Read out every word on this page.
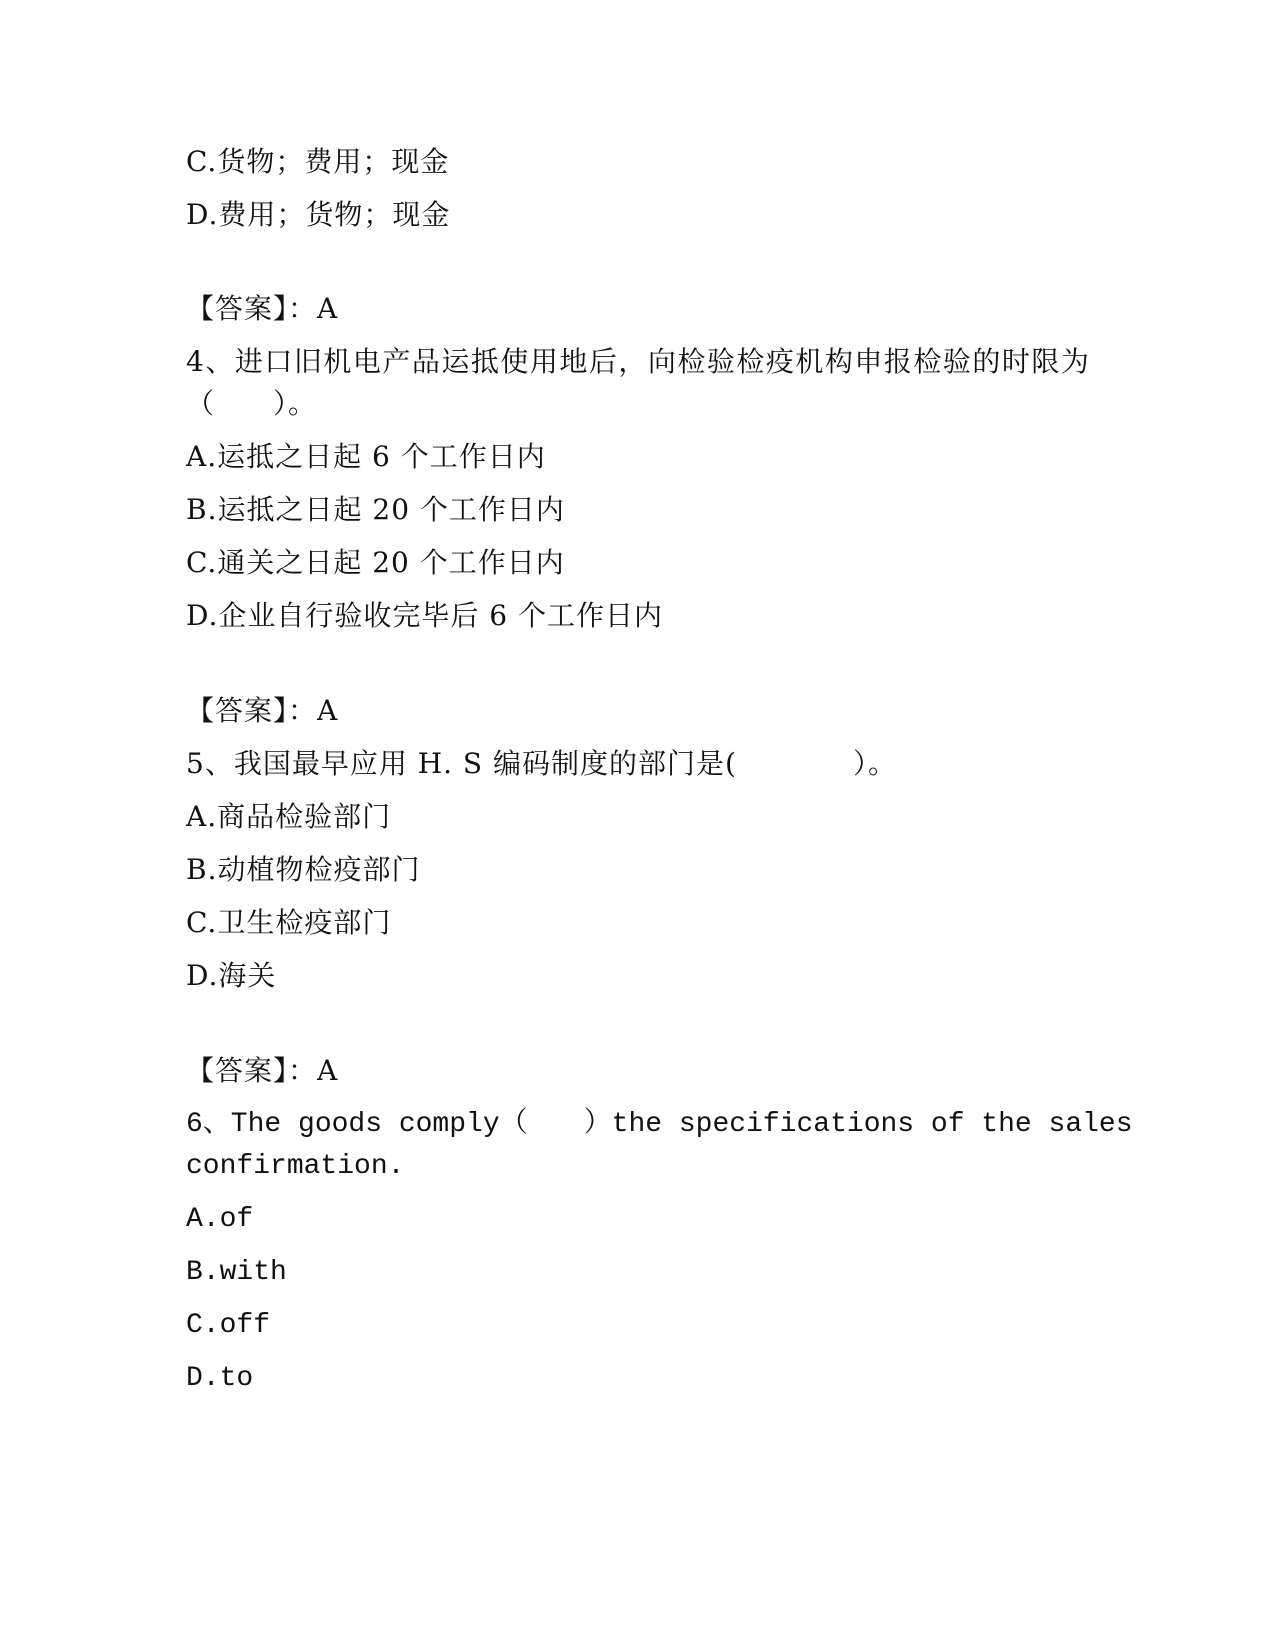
C.货物；费用；现金
D.费用；货物；现金
【答案】：A
4、进口旧机电产品运抵使用地后，向检验检疫机构申报检验的时限为
（　　）。
A.运抵之日起 6 个工作日内
B.运抵之日起 20 个工作日内
C.通关之日起 20 个工作日内
D.企业自行验收完毕后 6 个工作日内
【答案】：A
5、我国最早应用 H. S 编码制度的部门是(　　　　）。
A.商品检验部门
B.动植物检疫部门
C.卫生检疫部门
D.海关
【答案】：A
6、The goods comply（　　）the specifications of the sales
confirmation.
A.of
B.with
C.off
D.to
